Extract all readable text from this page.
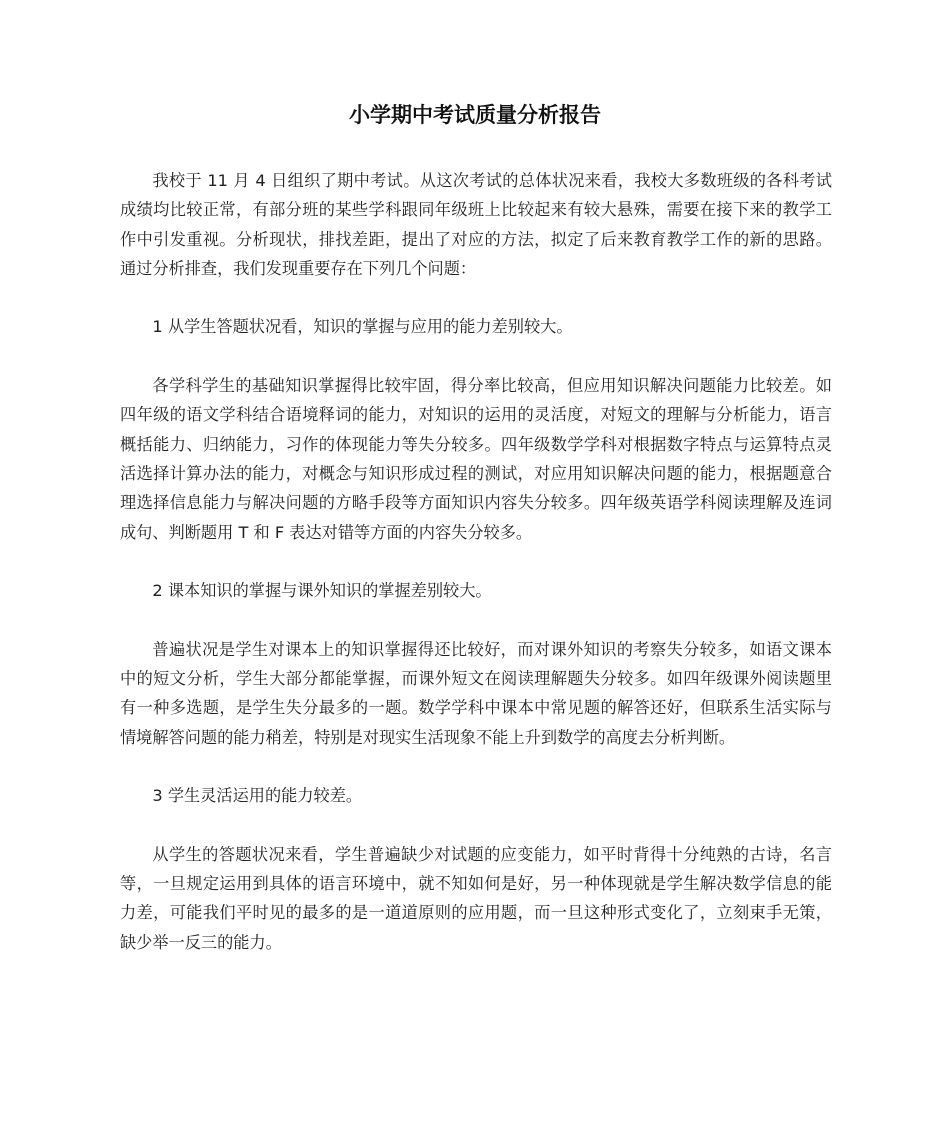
小学期中考试质量分析报告

我校于 11 月 4 日组织了期中考试。从这次考试的总体状况来看，我校大多数班级的各科考试成绩均比较正常，有部分班的某些学科跟同年级班上比较起来有较大悬殊，需要在接下来的教学工作中引发重视。分析现状，排找差距，提出了对应的方法，拟定了后来教育教学工作的新的思路。通过分析排查，我们发现重要存在下列几个问题：

1 从学生答题状况看，知识的掌握与应用的能力差别较大。

各学科学生的基础知识掌握得比较牢固，得分率比较高，但应用知识解决问题能力比较差。如四年级的语文学科结合语境释词的能力，对知识的运用的灵活度，对短文的理解与分析能力，语言概括能力、归纳能力，习作的体现能力等失分较多。四年级数学学科对根据数字特点与运算特点灵活选择计算办法的能力，对概念与知识形成过程的测试，对应用知识解决问题的能力，根据题意合理选择信息能力与解决问题的方略手段等方面知识内容失分较多。四年级英语学科阅读理解及连词成句、判断题用 T 和 F 表达对错等方面的内容失分较多。

2 课本知识的掌握与课外知识的掌握差别较大。

普遍状况是学生对课本上的知识掌握得还比较好，而对课外知识的考察失分较多，如语文课本中的短文分析，学生大部分都能掌握，而课外短文在阅读理解题失分较多。如四年级课外阅读题里有一种多选题，是学生失分最多的一题。数学学科中课本中常见题的解答还好，但联系生活实际与情境解答问题的能力稍差，特别是对现实生活现象不能上升到数学的高度去分析判断。

3 学生灵活运用的能力较差。

从学生的答题状况来看，学生普遍缺少对试题的应变能力，如平时背得十分纯熟的古诗，名言等，一旦规定运用到具体的语言环境中，就不知如何是好，另一种体现就是学生解决数学信息的能力差，可能我们平时见的最多的是一道道原则的应用题，而一旦这种形式变化了，立刻束手无策，缺少举一反三的能力。
